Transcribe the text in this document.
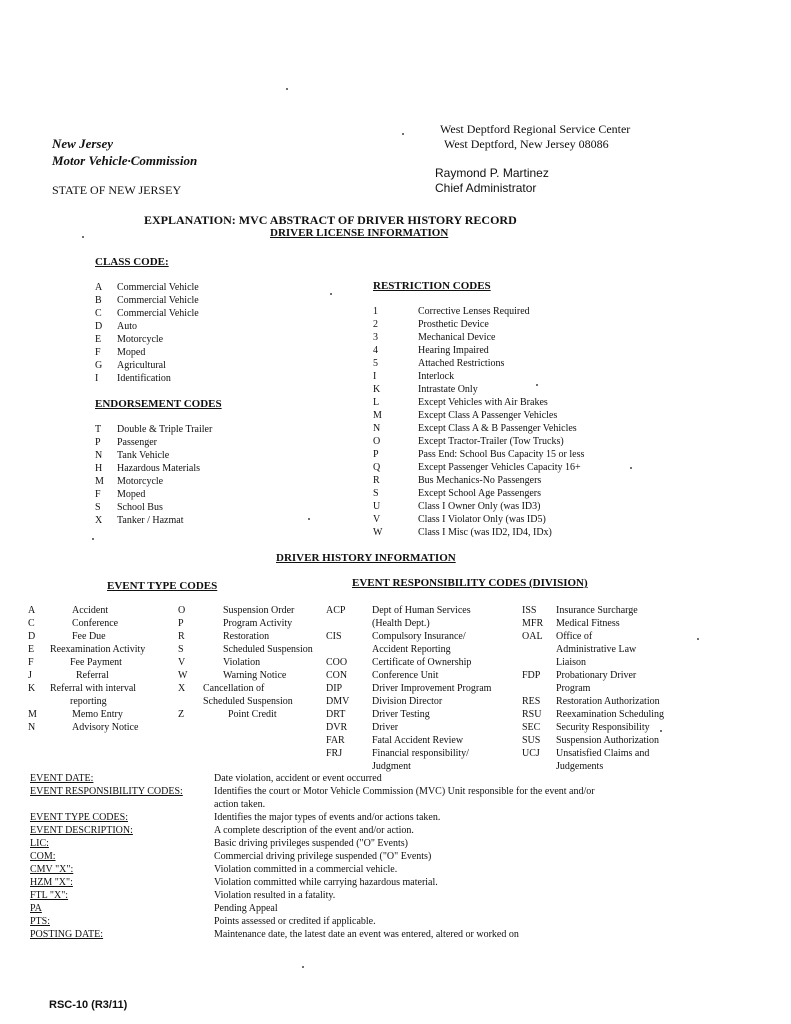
New Jersey
Motor Vehicle·Commission
STATE OF NEW JERSEY
West Deptford Regional Service Center
West Deptford, New Jersey 08086
Raymond P. Martinez
Chief Administrator
EXPLANATION: MVC ABSTRACT OF DRIVER HISTORY RECORD
DRIVER LICENSE INFORMATION
CLASS CODE:
A Commercial Vehicle
B Commercial Vehicle
C Commercial Vehicle
D Auto
E Motorcycle
F Moped
G Agricultural
I Identification
ENDORSEMENT CODES
T Double & Triple Trailer
P Passenger
N Tank Vehicle
H Hazardous Materials
M Motorcycle
F Moped
S School Bus
X Tanker / Hazmat
RESTRICTION CODES
1	Corrective Lenses Required
2	Prosthetic Device
3	Mechanical Device
4	Hearing Impaired
5	Attached Restrictions
I	Interlock
K	Intrastate Only
L	Except Vehicles with Air Brakes
M	Except Class A Passenger Vehicles
N	Except Class A & B Passenger Vehicles
O	Except Tractor-Trailer (Tow Trucks)
P	Pass End: School Bus Capacity 15 or less
Q	Except Passenger Vehicles Capacity 16+
R	Bus Mechanics-No Passengers
S	Except School Age Passengers
U	Class I Owner Only (was ID3)
V	Class I Violator Only (was ID5)
W	Class I Misc (was ID2, ID4, IDx)
DRIVER HISTORY INFORMATION
EVENT TYPE CODES	EVENT RESPONSIBILITY CODES (DIVISION)
A	Accident
C	Conference
D	Fee Due
E Reexamination Activity
F	Fee Payment
J	Referral
K Referral with interval
reporting
M	Memo Entry
N	Advisory Notice
O	Suspension Order
P	Program Activity
R	Restoration
S	Scheduled Suspension
V	Violation
W	Warning Notice
X Cancellation of
Scheduled Suspension
Z	Point Credit
ACP	Dept of Human Services
(Health Dept.)
CIS	Compulsory Insurance/
Accident Reporting
COO Certificate of Ownership
CON Conference Unit
DIP	Driver Improvement Program
DMV Division Director
DRT	Driver Testing
DVR Driver
FAR	Fatal Accident Review
FRJ	Financial responsibility/
Judgment
ISS Insurance Surcharge
MFR Medical Fitness
OAL Office of
Administrative Law
Liaison
FDP Probationary Driver
Program
RES Restoration Authorization
RSU Reexamination Scheduling
SEC Security Responsibility
SUS Suspension Authorization
UCJ Unsatisfied Claims and
Judgements
EVENT DATE:	Date violation, accident or event occurred
EVENT RESPONSIBILITY CODES:	Identifies the court or Motor Vehicle Commission (MVC) Unit responsible for the event and/or
action taken.
EVENT TYPE CODES:	Identifies the major types of events and/or actions taken.
EVENT DESCRIPTION:	A complete description of the event and/or action.
LIC:	Basic driving privileges suspended ("O" Events)
COM:	Commercial driving privilege suspended ("O" Events)
CMV "X":	Violation committed in a commercial vehicle.
HZM "X":	Violation committed while carrying hazardous material.
FTL "X":	Violation resulted in a fatality.
PA	Pending Appeal
PTS:	Points assessed or credited if applicable.
POSTING DATE:	Maintenance date, the latest date an event was entered, altered or worked on
RSC-10 (R3/11)
